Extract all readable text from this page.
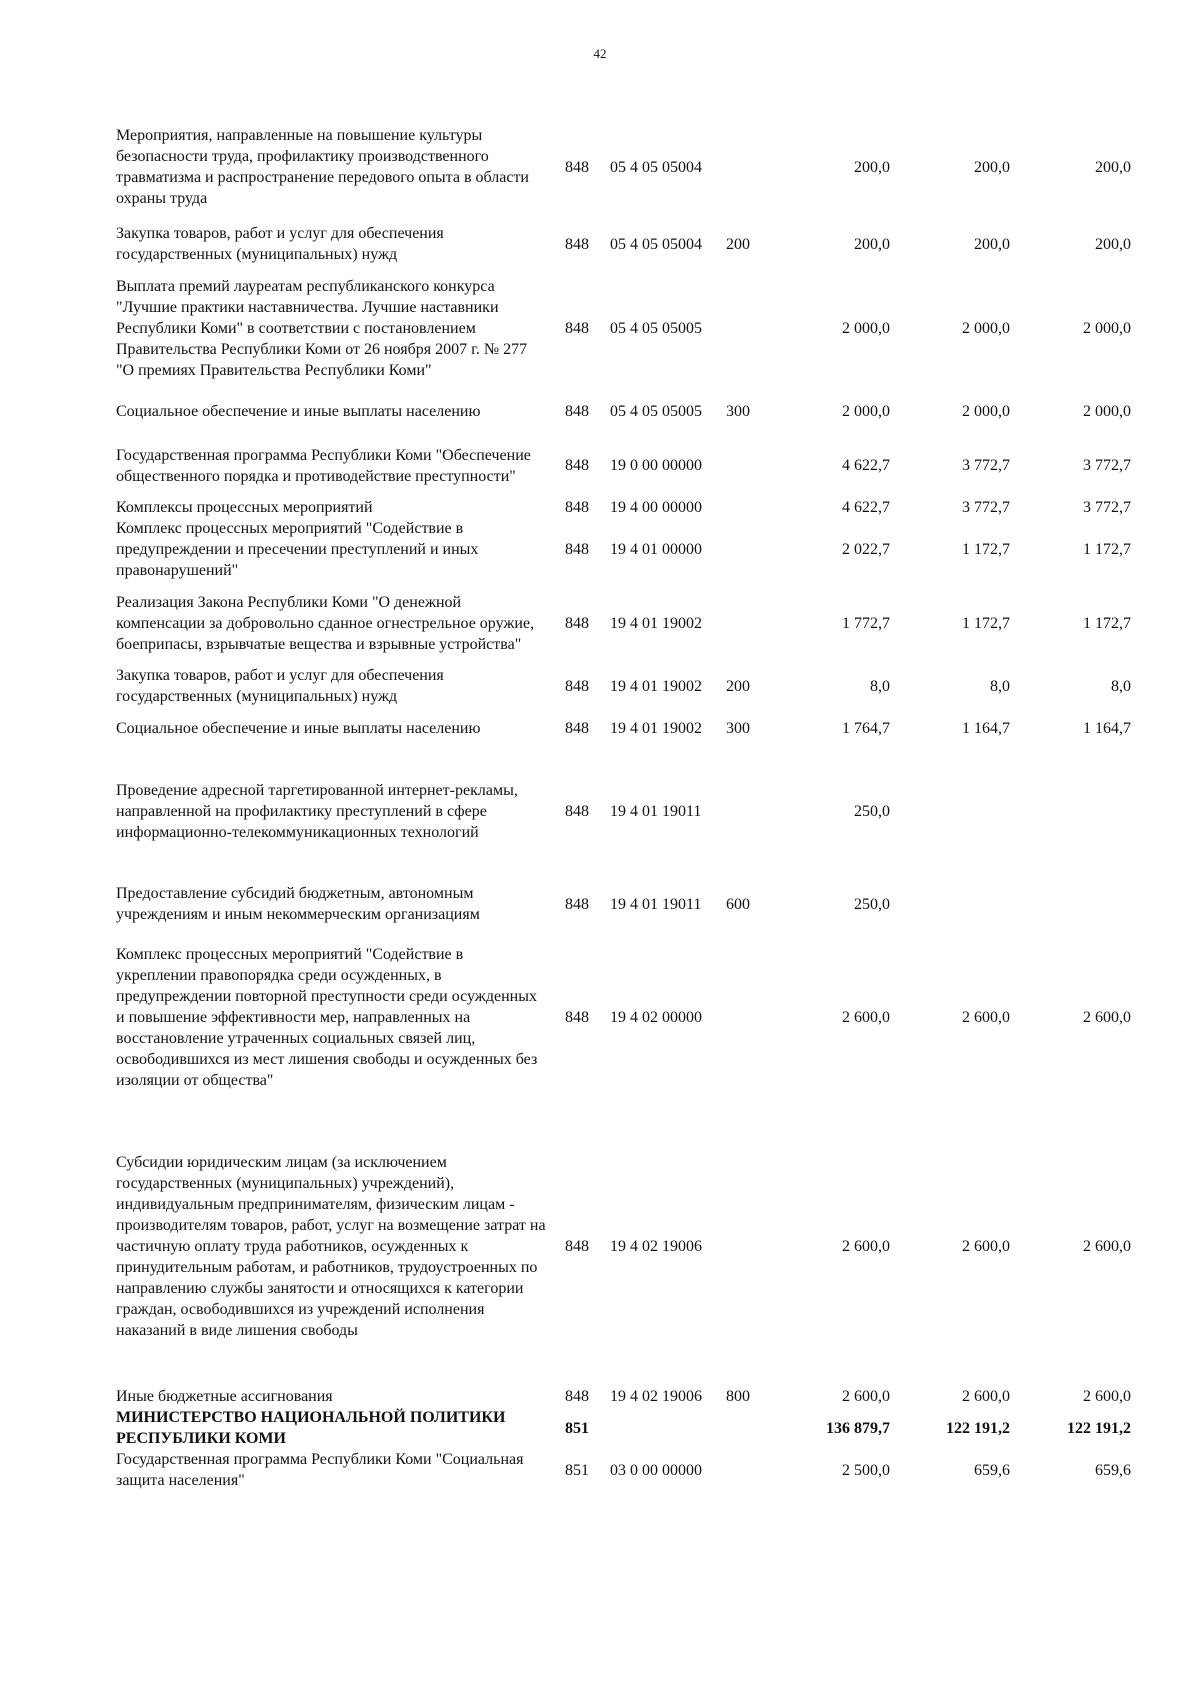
42
Мероприятия, направленные на повышение культуры безопасности труда, профилактику производственного травматизма и распространение передового опыта в области охраны труда	848	05 4 05 05004		200,0	200,0	200,0

Закупка товаров, работ и услуг для обеспечения государственных (муниципальных) нужд	848	05 4 05 05004	200	200,0	200,0	200,0
Выплата премий лауреатам республиканского конкурса "Лучшие практики наставничества. Лучшие наставники Республики Коми" в соответствии с постановлением Правительства Республики Коми от 26 ноября 2007 г. № 277 "О премиях Правительства Республики Коми"	848	05 4 05 05005		2 000,0	2 000,0	2 000,0

Социальное обеспечение и иные выплаты населению	848	05 4 05 05005	300	2 000,0	2 000,0	2 000,0

Государственная программа Республики Коми "Обеспечение общественного порядка и противодействие преступности"	848	19 0 00 00000		4 622,7	3 772,7	3 772,7
Комплексы процессных мероприятий	848	19 4 00 00000		4 622,7	3 772,7	3 772,7
Комплекс процессных мероприятий "Содействие в предупреждении и пресечении преступлений и иных правонарушений"	848	19 4 01 00000		2 022,7	1 172,7	1 172,7
Реализация Закона Республики Коми "О денежной компенсации за добровольно сданное огнестрельное оружие, боеприпасы, взрывчатые вещества и взрывные устройства"	848	19 4 01 19002		1 772,7	1 172,7	1 172,7
Закупка товаров, работ и услуг для обеспечения государственных (муниципальных) нужд	848	19 4 01 19002	200	8,0	8,0	8,0

Социальное обеспечение и иные выплаты населению	848	19 4 01 19002	300	1 764,7	1 164,7	1 164,7

Проведение адресной таргетированной интернет-рекламы, направленной на профилактику преступлений в сфере информационно-телекоммуникационных технологий	848	19 4 01 19011		250,0		

Предоставление субсидий бюджетным, автономным учреждениям и иным некоммерческим организациям	848	19 4 01 19011	600	250,0		

Комплекс процессных мероприятий "Содействие в укреплении правопорядка среди осужденных, в предупреждении повторной преступности среди осужденных и повышение эффективности мер, направленных на восстановление утраченных социальных связей лиц, освободившихся из мест лишения свободы и осужденных без изоляции от общества"	848	19 4 02 00000		2 600,0	2 600,0	2 600,0

Субсидии юридическим лицам (за исключением государственных (муниципальных) учреждений), индивидуальным предпринимателям, физическим лицам - производителям товаров, работ, услуг на возмещение затрат на частичную оплату труда работников, осужденных к принудительным работам, и работников, трудоустроенных по направлению службы занятости и относящихся к категории граждан, освободившихся из учреждений исполнения наказаний в виде лишения свободы	848	19 4 02 19006		2 600,0	2 600,0	2 600,0

Иные бюджетные ассигнования	848	19 4 02 19006	800	2 600,0	2 600,0	2 600,0
МИНИСТЕРСТВО НАЦИОНАЛЬНОЙ ПОЛИТИКИ РЕСПУБЛИКИ КОМИ	851			136 879,7	122 191,2	122 191,2
Государственная программа Республики Коми "Социальная защита населения"	851	03 0 00 00000		2 500,0	659,6	659,6
